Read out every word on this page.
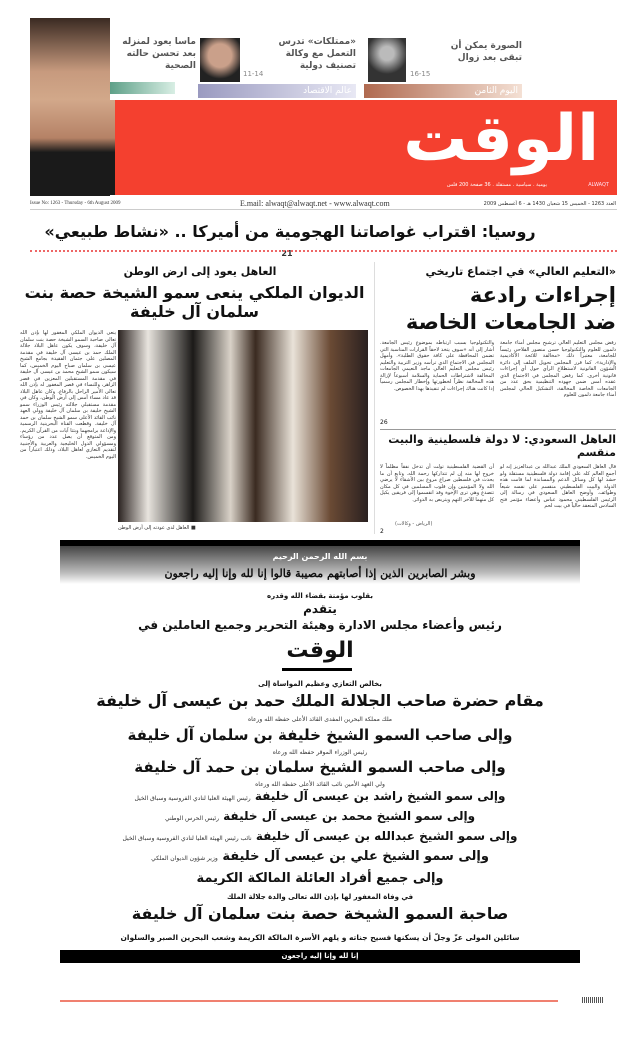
ماسا يعود لمنزله بعد تحسن حالته الصحية
11-14
«ممتلكات» تدرس التعمل مع وكالة تصنيف دولية
عالم الاقتصاد
16-15
الصورة يمكن أن تبقى بعد زوال
اليوم الثامن
الوقت
ALWAQT
يومية . سياسية . مستقلة . 36 صفحة 200 فلس
Issue No: 1263 - Thursday - 6th August 2009	E.mail: alwaqt@alwaqt.net - www.alwaqt.com	العدد 1263 - الخميس 15 شعبان 1430 هـ - 6 أغسطس 2009
روسيا: اقتراب غواصاتنا الهجومية من أميركا .. «نشاط طبيعي» 21
«التعليم العالي» في اجتماع تاريخي
إجراءات رادعة
ضد الجامعات الخاصة
رفض مجلس التعليم العالي ترشيح مجلس أمناء جامعة دلمون للعلوم والتكنولوجيا حسن منصور الفلاحي رئيساً للجامعة، معتبراً ذلك «مخالفة للائحة الأكاديمية والإدارية». كما قرر المجلس تحويل الملف إلى دائرة الشؤون القانونية لاستطلاع الرأي حول أي إجراءات قانونية أخرى. كما رفض المجلس في الاجتماع الذي عقده أمس ضمن جهوده التنظيمية بحق عدد من الجامعات الخاصة المخالفة، التشكيل الحالي لمجلس أمناء جامعة دلمون للعلوم
والتكنولوجيا بسبب ارتباطه بموضوع رئيس الجامعة. أشار إلى أنه «سوف يتخذ لاحقاً القرارات المناسبة التي تضمن المحافظة على كافة حقوق الطلبة». وأمهل المجلس في الاجتماع الذي ترأسه وزير التربية والتعليم رئيس مجلس التعليم العالي ماجد النعيمي الجامعات المخالفة لاشتراطات الحماية والسلامة أسبوعاً لإزالة هذه المخالفة نظراً لخطورتها وإخطار المجلس رسمياً إذا كانت هناك إجراءات لم تنفيذها بهذا الخصوص.
26
العاهل السعودي: لا دولة فلسطينية والبيت منقسم
قال العاهل السعودي الملك عبدالله بن عبدالعزيز إنه لو أجمع العالم كله على إقامة دولة فلسطينية مستقلة ولو حشد لها كل وسائل الدعم والمساندة لما قامت هذه الدولة والبيت الفلسطيني منقسم على نفسه شيعاً وطوائف. وأوضح العاهل السعودي في رسالة إلى الرئيس الفلسطيني محمود عباس وأعضاء مؤتمر فتح السادس المنعقد حالياً في بيت لحم
أن القضية الفلسطينية تولت أن تدخل نفقاً مظلماً لا خروج لها منه إن لم تتداركها رحمة الله. وتابع أن ما يحدث في فلسطين صراع مروع بين الأشقاء لا يرضي الله ولا المؤمنين وإن قلوب المسلمين في كل مكان تتصدع وهي ترى الإخوة وقد انقسموا إلى فريقين يكيل كل منهما للآخر التهم ويتربص به الدوائر.
(الرياض - وكالات)
2
العاهل يعود إلى ارض الوطن
الديوان الملكي ينعى سمو الشيخة حصة بنت سلمان آل خليفة
ينعى الديوان الملكي المغفور لها بإذن الله تعالى صاحبة السمو الشيخة حصة بنت سلمان آل خليفة، وسوف يكون عاهل البلاد جلالة الملك حمد بن عيسى آل خليفة في مقدمة المصلين على جثمان الفقيدة بجامع الشيخ عيسى بن سلمان صباح اليوم الخميس، كما سيكون سمو الشيخ محمد بن عيسى آل خليفة في مقدمة المستقبلين المعزين في قصر الزاهر، وللنساء في قصر المغفور له بإذن الله تعالى الأمير الراحل بالرفاع. وكان عاهل البلاد قد عاد مساء أمس إلى أرض الوطن، وكان في مقدمة مستقبلي جلالته رئيس الوزراء سمو الشيخ خليفة بن سلمان آل خليفة وولي العهد نائب القائد الأعلى سمو الشيخ سلمان بن حمد آل خليفة. وقطعت القناة البحرينية الرسمية والإذاعة برامجهما وبثتا آيات من القرآن الكريم. ومن المتوقع أن يصل عدد من رؤساء ومسؤولي الدول الخليجية والعربية والأجنبية لتقديم التعازي لعاهل البلاد، وذلك اعتباراً من اليوم الخميس.
■ العاهل لدى عودته إلى أرض الوطن
بسم الله الرحمن الرحيم
وبشر الصابرين الذين إذا أصابتهم مصيبة قالوا إنا لله وإنا إليه راجعون
بقلوب مؤمنة بقضاء الله وقدره
يتقدم
رئيس وأعضاء مجلس الادارة وهيئة التحرير وجميع العاملين في
الوقت
بخالص التعازي وعظيم المواساة إلى
مقام حضرة صاحب الجلالة الملك حمد بن عيسى آل خليفة
ملك مملكة البحرين المفدى القائد الأعلى حفظه الله ورعاه
وإلى صاحب السمو الشيخ خليفة بن سلمان آل خليفة
رئيس الوزراء الموقر حفظه الله ورعاه
وإلى صاحب السمو الشيخ سلمان بن حمد آل خليفة
ولي العهد الأمين نائب القائد الأعلى حفظه الله ورعاه
وإلى سمو الشيخ راشد بن عيسى آل خليفة رئيس الهيئة العليا لنادي الفروسية وسباق الخيل
وإلى سمو الشيخ محمد بن عيسى آل خليفة رئيس الحرس الوطني
وإلى سمو الشيخ عبدالله بن عيسى آل خليفة نائب رئيس الهيئة العليا لنادي الفروسية وسباق الخيل
وإلى سمو الشيخ علي بن عيسى آل خليفة وزير شؤون الديوان الملكي
وإلى جميع أفراد العائلة المالكة الكريمة
في وفاة المغفور لها بإذن الله تعالى والدة جلالة الملك
صاحبة السمو الشيخة حصة بنت سلمان آل خليفة
سائلين المولى عزّ وجلّ أن يسكنها فسيح جناته و يلهم الأسرة المالكة الكريمة وشعب البحرين الصبر والسلوان
إنا لله وإنا إليه راجعون
